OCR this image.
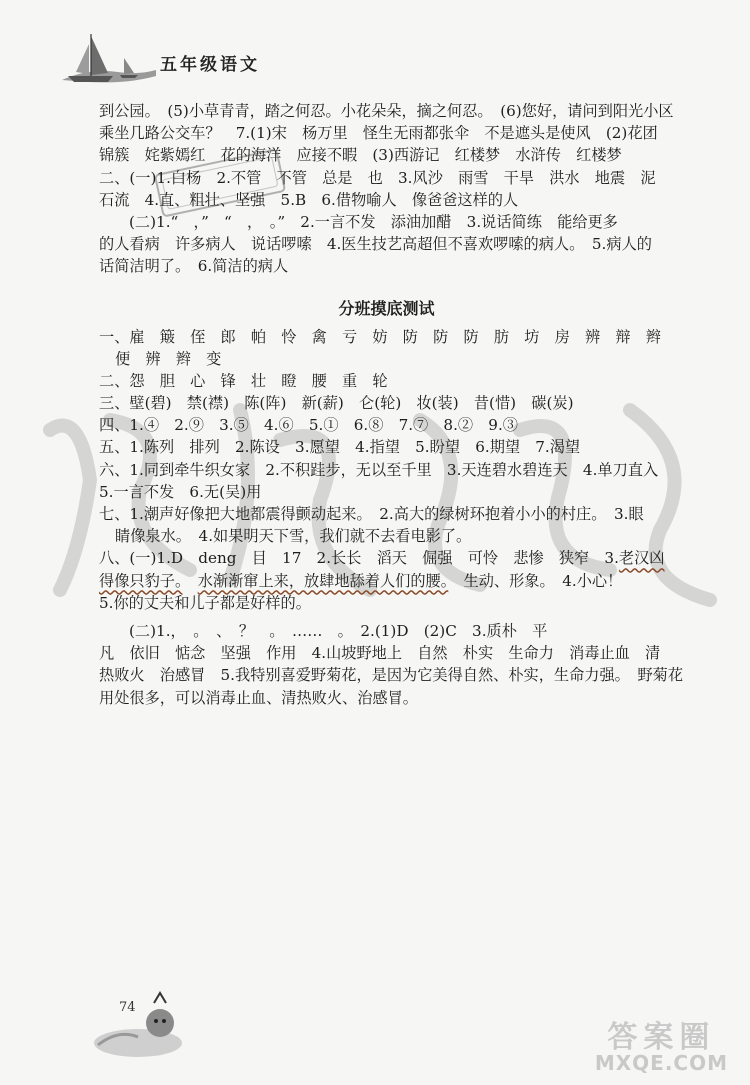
五年级语文
到公园。　(5)小草青青，踏之何忍。小花朵朵，摘之何忍。　(6)您好，请问到阳光小区
乘坐几路公交车？　7.(1)宋　杨万里　怪生无雨都张伞　不是遮头是使风　(2)花团
锦簇　姹紫嫣红　花的海洋　应接不暇　(3)西游记　红楼梦　水浒传　红楼梦
二、(一)1.白杨　2.不管　不管　总是　也　3.风沙　雨雪　干旱　洪水　地震　泥
石流　4.直、粗壮、坚强　5.B　6.借物喻人　像爸爸这样的人
(二)1.“　，”　“　，　。”　2.一言不发　添油加醋　3.说话简练　能给更多
的人看病　许多病人　说话啰嗦　4.医生技艺高超但不喜欢啰嗦的病人。　5.病人的
话简洁明了。　6.简洁的病人
分班摸底测试
一、雇　簸　侄　郎　帕　怜　禽　亏　妨　防　防　防　肪　坊　房　辨　辩　辫
便　辨　辫　变
二、怨　胆　心　锋　壮　瞪　腰　重　轮
三、壁(碧)　禁(襟)　陈(阵)　新(薪)　仑(轮)　妆(装)　昔(惜)　碳(炭)
四、1.④　2.⑨　3.⑤　4.⑥　5.①　6.⑧　7.⑦　8.②　9.③
五、1.陈列　排列　2.陈设　3.愿望　4.指望　5.盼望　6.期望　7.渴望
六、1.同到牵牛织女家　2.不积跬步，无以至千里　3.天连碧水碧连天　4.单刀直入
5.一言不发　6.无(吴)用
七、1.潮声好像把大地都震得颤动起来。　2.高大的绿树环抱着小小的村庄。　3.眼
睛像泉水。　4.如果明天下雪，我们就不去看电影了。
八、(一)1.D　deng　目　17　2.长长　滔天　倔强　可怜　悲惨　狭窄　3.老汉凶
得像只豹子。　 水渐渐窜上来，放肆地舔着人们的腰。　生动、形象。　4.小心！
5.你的丈夫和儿子都是好样的。
(二)1.，　。　、　？　。　……　。　2.(1)D　(2)C　3.质朴　平
凡　依旧　惦念　坚强　作用　4.山坡野地上　自然　朴实　生命力　消毒止血　清
热败火　治感冒　5.我特别喜爱野菊花，是因为它美得自然、朴实，生命力强。　野菊花
用处很多，可以消毒止血、清热败火、治感冒。
74
答案圈
MXQE.COM
